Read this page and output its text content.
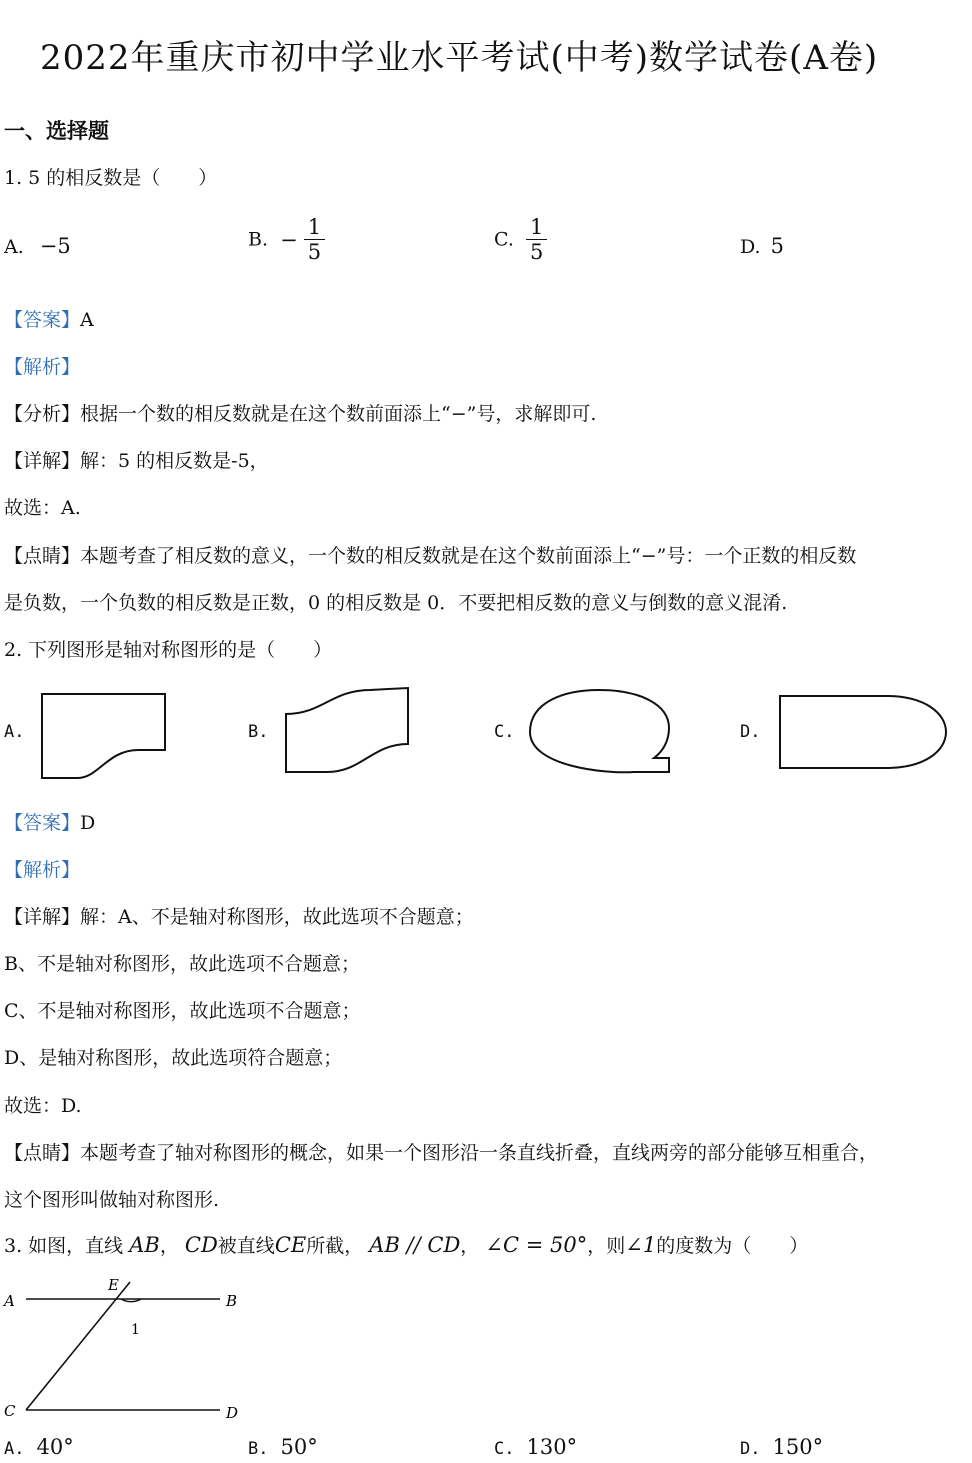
2022年重庆市初中学业水平考试(中考)数学试卷(A卷)
一、选择题
1. 5 的相反数是（　　）
A. −5	B. − $\frac{1}{5}$	C. $\frac{1}{5}$	D. 5
【答案】A
【解析】
【分析】根据一个数的相反数就是在这个数前面添上“−”号，求解即可.
【详解】解：5 的相反数是-5，
故选：A.
【点睛】本题考查了相反数的意义，一个数的相反数就是在这个数前面添上“−”号：一个正数的相反数
是负数，一个负数的相反数是正数，0 的相反数是 0．不要把相反数的意义与倒数的意义混淆.
2. 下列图形是轴对称图形的是（　　）
A.	B.	C.	D.
【答案】D
【解析】
【详解】解：A、不是轴对称图形，故此选项不合题意；
B、不是轴对称图形，故此选项不合题意；
C、不是轴对称图形，故此选项不合题意；
D、是轴对称图形，故此选项符合题意；
故选：D.
【点睛】本题考查了轴对称图形的概念，如果一个图形沿一条直线折叠，直线两旁的部分能够互相重合，
这个图形叫做轴对称图形.
3. 如图，直线 AB， CD被直线CE所截， AB // CD， ∠C = 50°，则∠1的度数为（　　）
A	B
C	D
E
1
A. 40°	B. 50°	C. 130°	D. 150°
